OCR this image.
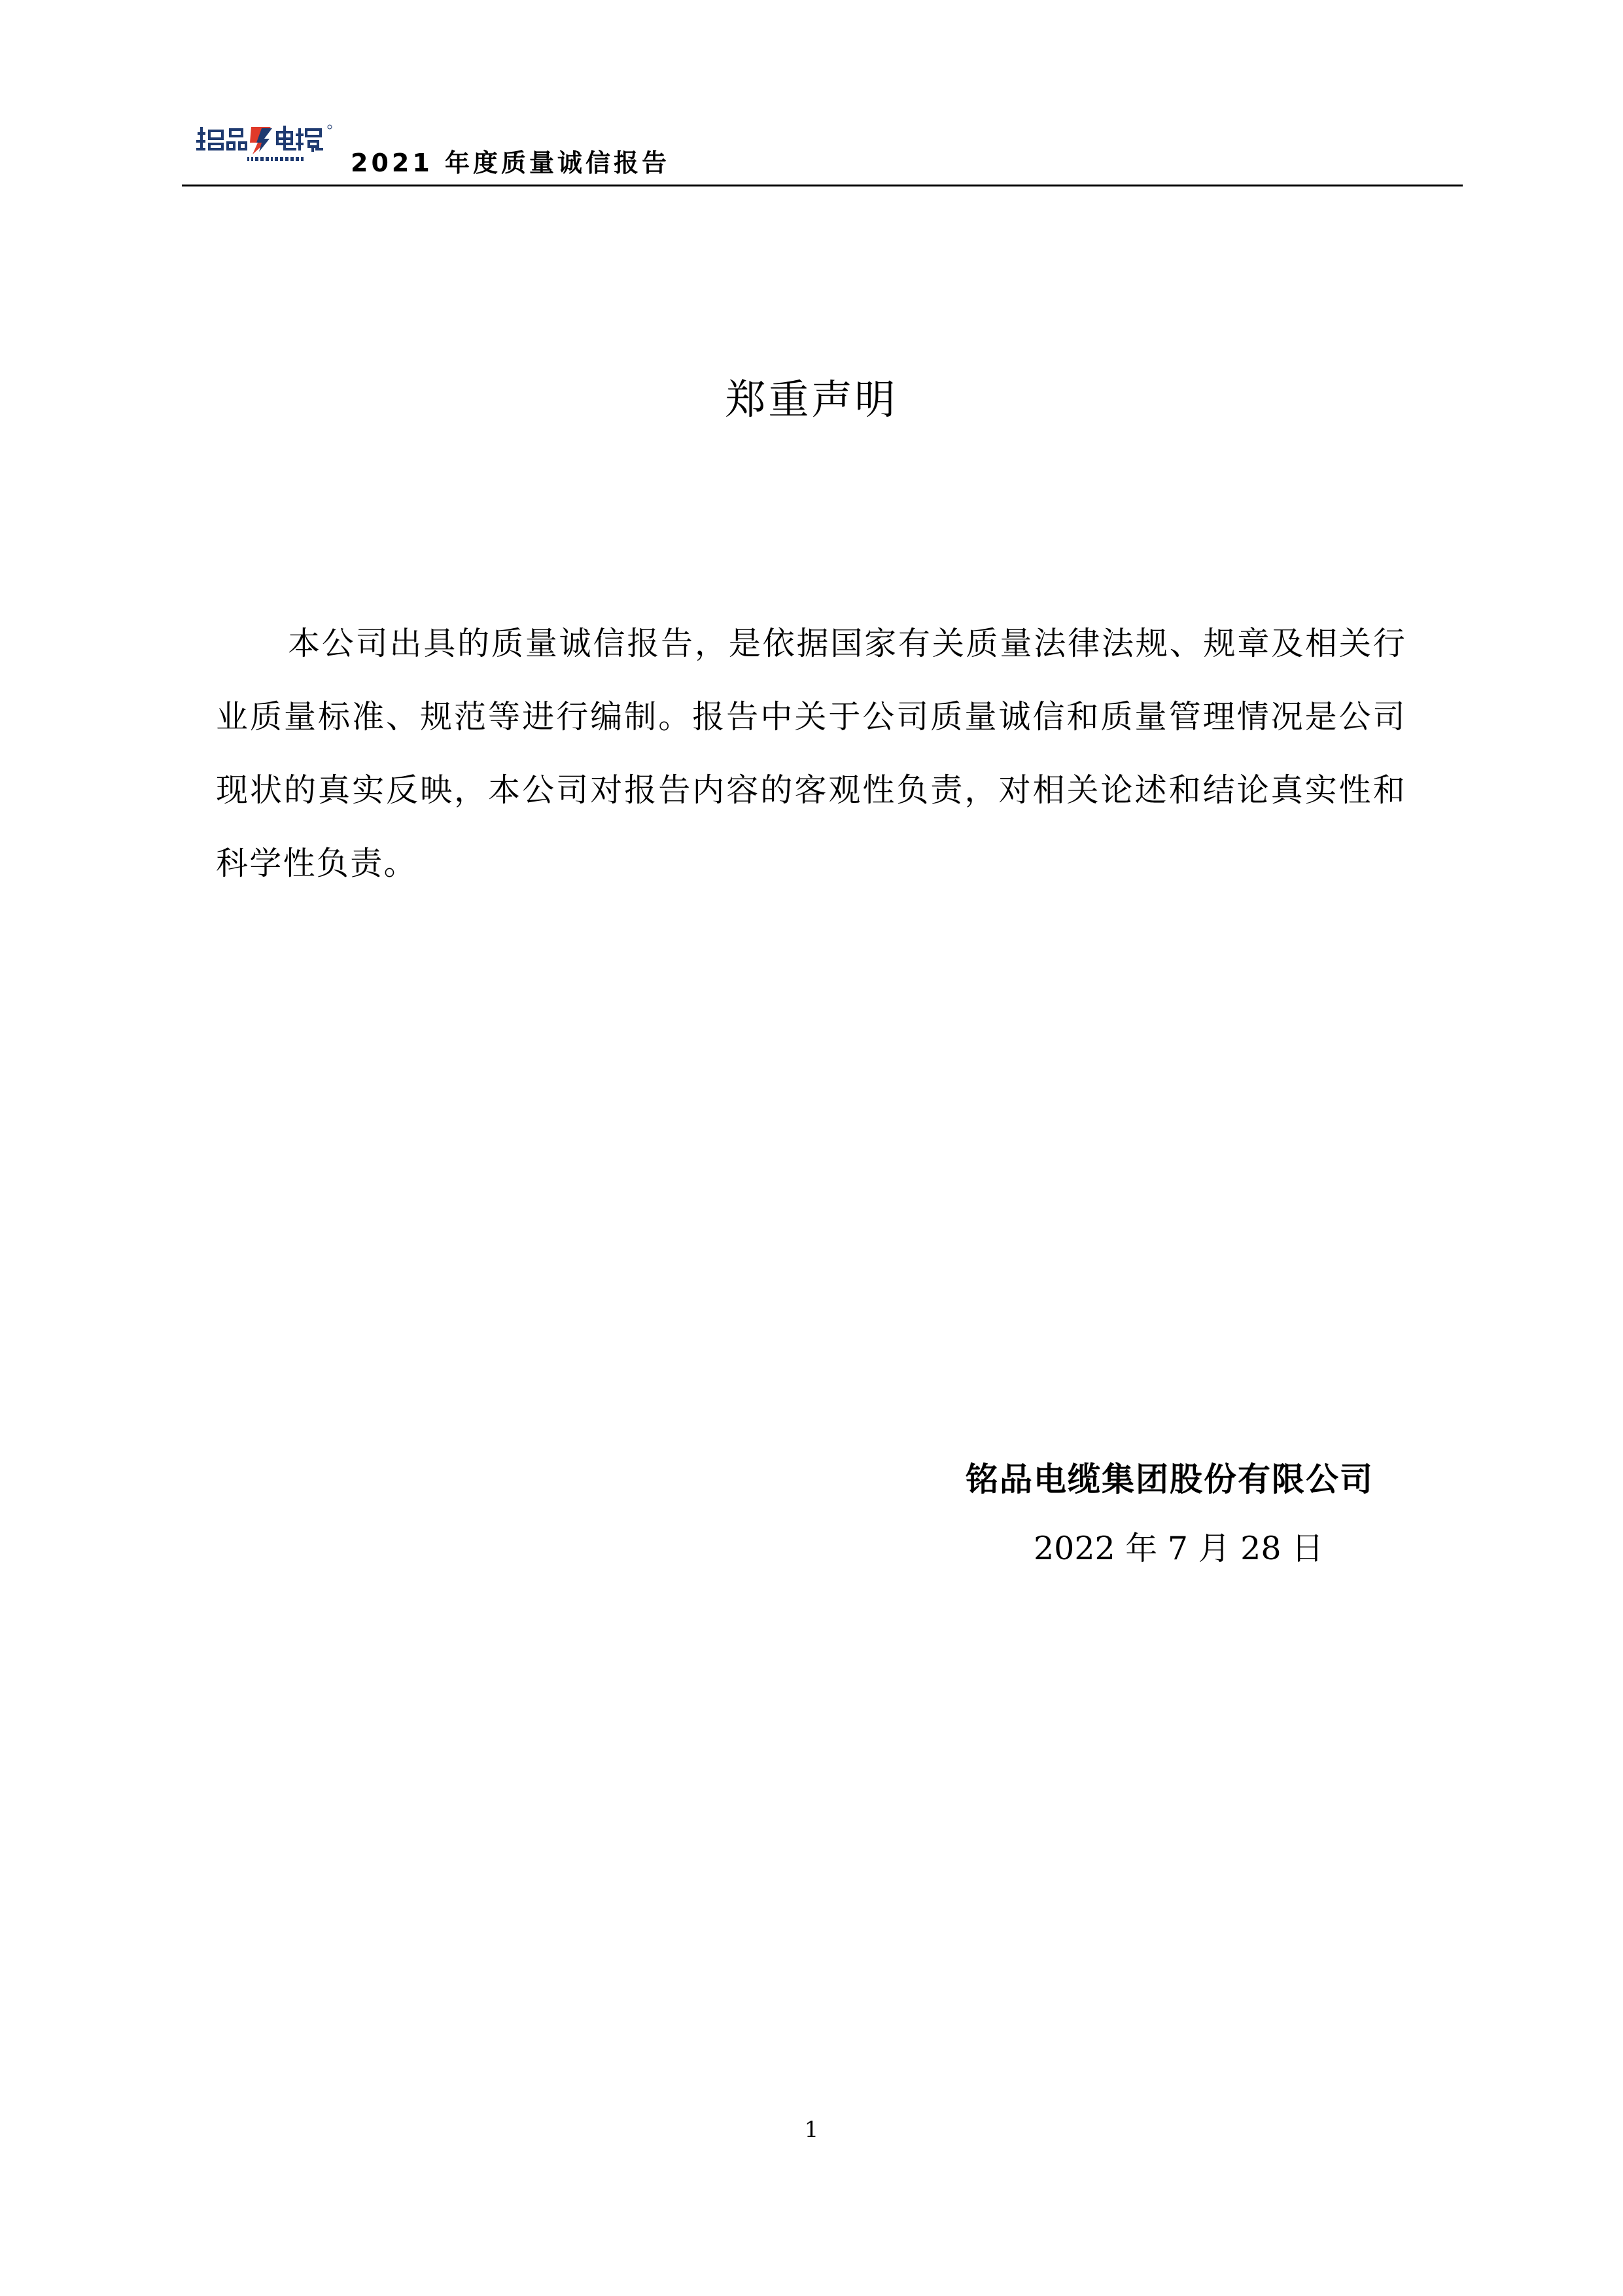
2021 年度质量诚信报告
郑重声明

本公司出具的质量诚信报告，是依据国家有关质量法律法规、规章及相关行业质量标准、规范等进行编制。报告中关于公司质量诚信和质量管理情况是公司现状的真实反映，本公司对报告内容的客观性负责，对相关论述和结论真实性和科学性负责。

铭品电缆集团股份有限公司
2022 年 7 月 28 日
1
